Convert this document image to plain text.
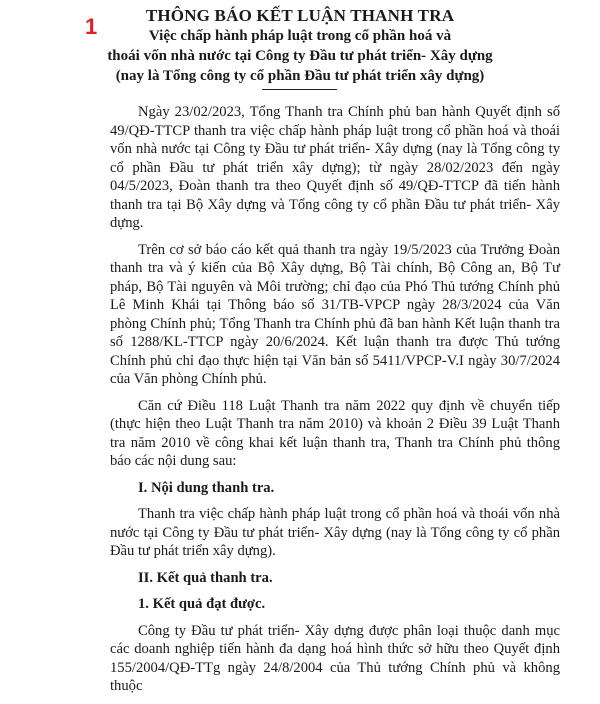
1	THÔNG BÁO KẾT LUẬN THANH TRA
Việc chấp hành pháp luật trong cổ phần hoá và
thoái vốn nhà nước tại Công ty Đầu tư phát triển- Xây dựng
(nay là Tổng công ty cổ phần Đầu tư phát triển xây dựng)

Ngày 23/02/2023, Tổng Thanh tra Chính phủ ban hành Quyết định số 49/QĐ-TTCP thanh tra việc chấp hành pháp luật trong cổ phần hoá và thoái vốn nhà nước tại Công ty Đầu tư phát triển- Xây dựng (nay là Tổng công ty cổ phần Đầu tư phát triển xây dựng); từ ngày 28/02/2023 đến ngày 04/5/2023, Đoàn thanh tra theo Quyết định số 49/QĐ-TTCP đã tiến hành thanh tra tại Bộ Xây dựng và Tổng công ty cổ phần Đầu tư phát triển- Xây dựng.

Trên cơ sở báo cáo kết quả thanh tra ngày 19/5/2023 của Trưởng Đoàn thanh tra và ý kiến của Bộ Xây dựng, Bộ Tài chính, Bộ Công an, Bộ Tư pháp, Bộ Tài nguyên và Môi trường; chỉ đạo của Phó Thủ tướng Chính phủ Lê Minh Khái tại Thông báo số 31/TB-VPCP ngày 28/3/2024 của Văn phòng Chính phủ; Tổng Thanh tra Chính phủ đã ban hành Kết luận thanh tra số 1288/KL-TTCP ngày 20/6/2024. Kết luận thanh tra được Thủ tướng Chính phủ chỉ đạo thực hiện tại Văn bản số 5411/VPCP-V.I ngày 30/7/2024 của Văn phòng Chính phủ.

Căn cứ Điều 118 Luật Thanh tra năm 2022 quy định về chuyển tiếp (thực hiện theo Luật Thanh tra năm 2010) và khoản 2 Điều 39 Luật Thanh tra năm 2010 về công khai kết luận thanh tra, Thanh tra Chính phủ thông báo các nội dung sau:

I. Nội dung thanh tra.

Thanh tra việc chấp hành pháp luật trong cổ phần hoá và thoái vốn nhà nước tại Công ty Đầu tư phát triển- Xây dựng (nay là Tổng công ty cổ phần Đầu tư phát triển xây dựng).

II. Kết quả thanh tra.

1. Kết quả đạt được.

Công ty Đầu tư phát triển- Xây dựng được phân loại thuộc danh mục các doanh nghiệp tiến hành đa dạng hoá hình thức sở hữu theo Quyết định 155/2004/QĐ-TTg ngày 24/8/2004 của Thủ tướng Chính phủ và không thuộc
